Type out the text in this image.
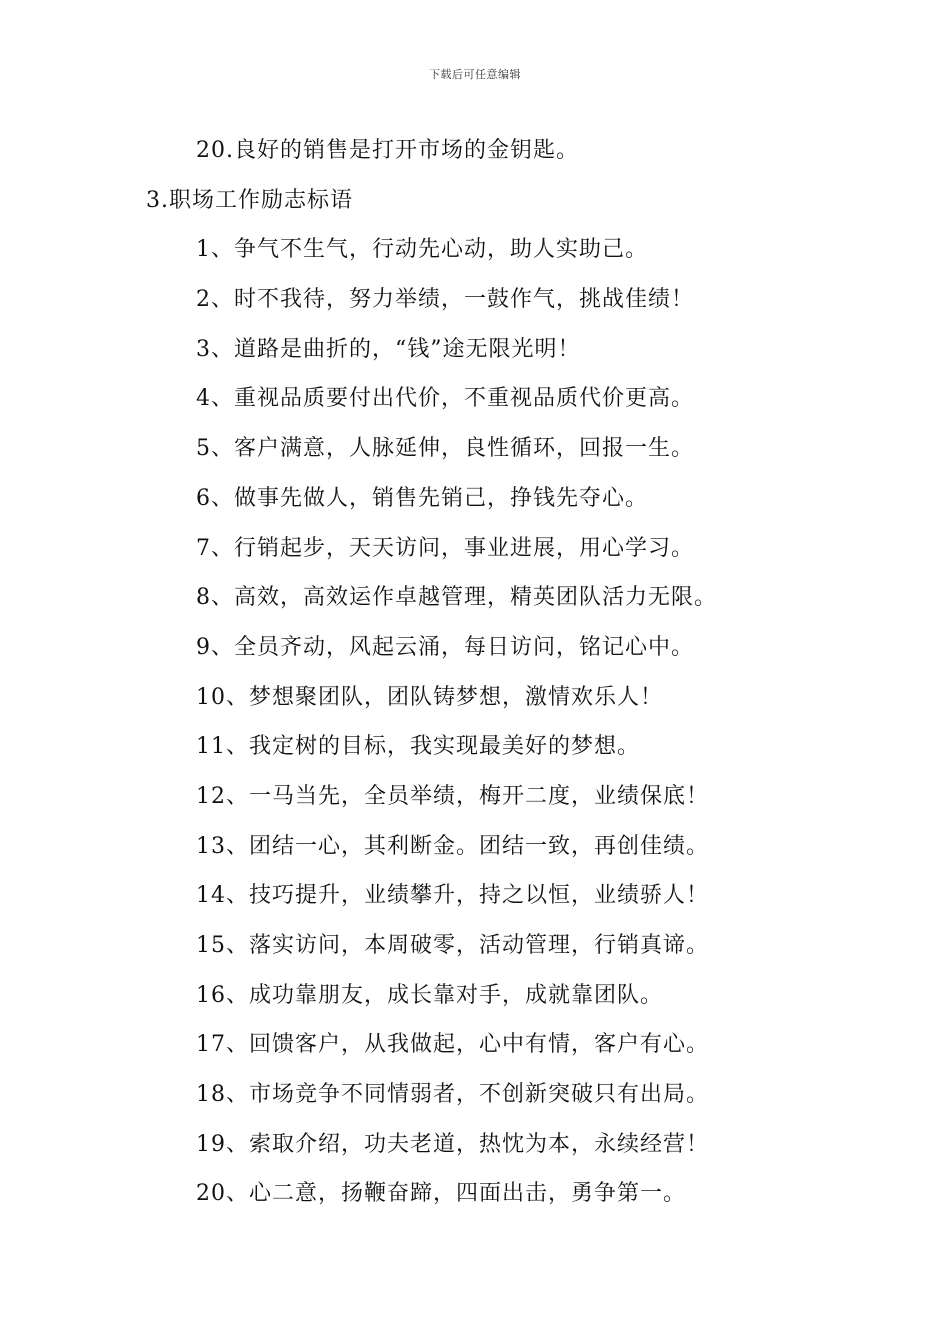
下载后可任意编辑
20.良好的销售是打开市场的金钥匙。
3.职场工作励志标语
1、争气不生气，行动先心动，助人实助己。
2、时不我待，努力举绩，一鼓作气，挑战佳绩！
3、道路是曲折的，“钱”途无限光明！
4、重视品质要付出代价，不重视品质代价更高。
5、客户满意，人脉延伸，良性循环，回报一生。
6、做事先做人，销售先销己，挣钱先夺心。
7、行销起步，天天访问，事业进展，用心学习。
8、高效，高效运作卓越管理，精英团队活力无限。
9、全员齐动，风起云涌，每日访问，铭记心中。
10、梦想聚团队，团队铸梦想，激情欢乐人！
11、我定树的目标，我实现最美好的梦想。
12、一马当先，全员举绩，梅开二度，业绩保底！
13、团结一心，其利断金。团结一致，再创佳绩。
14、技巧提升，业绩攀升，持之以恒，业绩骄人！
15、落实访问，本周破零，活动管理，行销真谛。
16、成功靠朋友，成长靠对手，成就靠团队。
17、回馈客户，从我做起，心中有情，客户有心。
18、市场竞争不同情弱者，不创新突破只有出局。
19、索取介绍，功夫老道，热忱为本，永续经营！
20、心二意，扬鞭奋蹄，四面出击，勇争第一。
